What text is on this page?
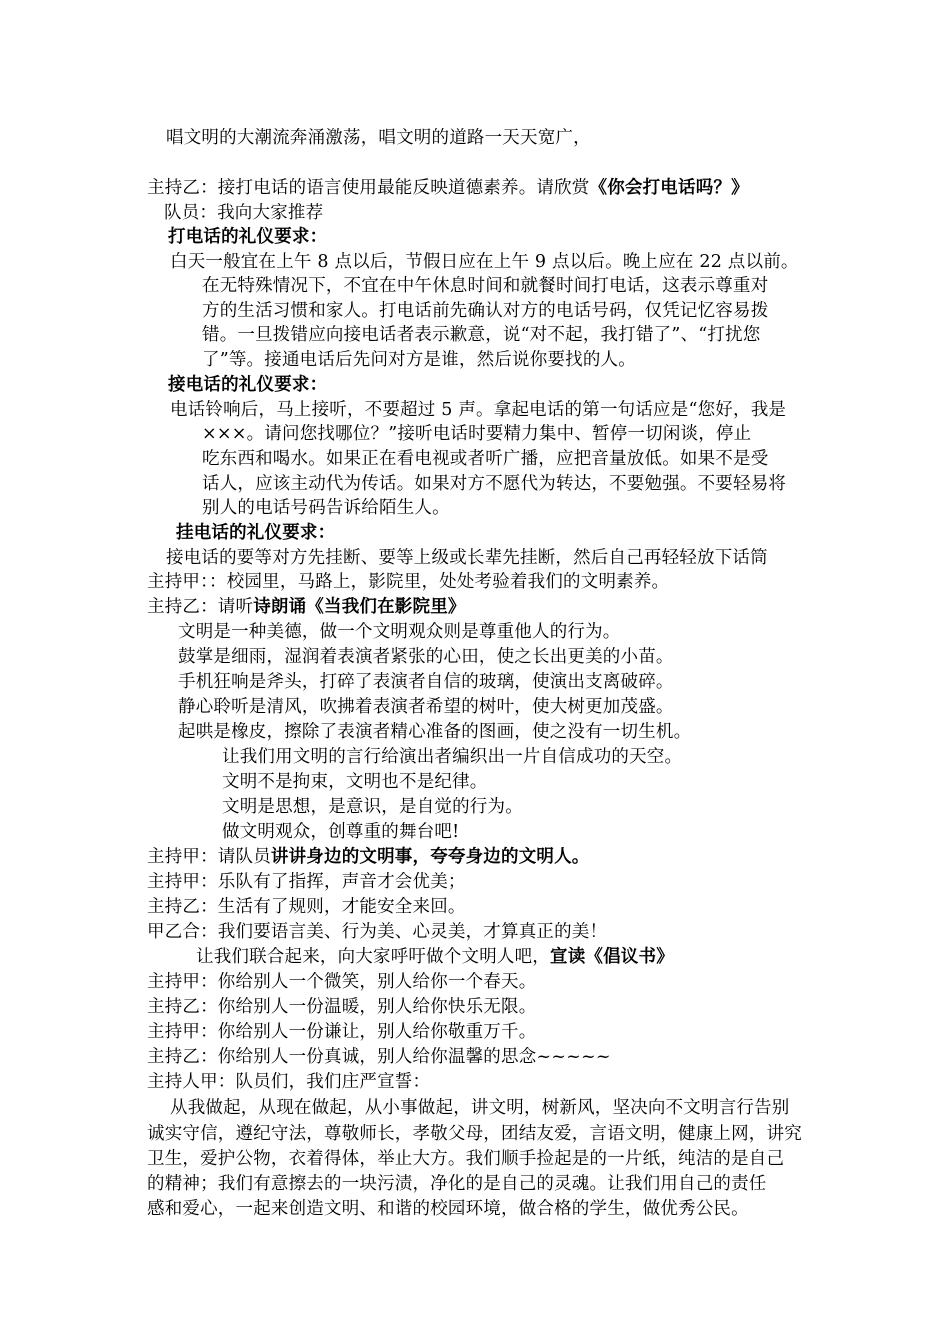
唱文明的大潮流奔涌激荡，唱文明的道路一天天宽广，
主持乙：接打电话的语言使用最能反映道德素养。请欣赏《你会打电话吗？》
队员：我向大家推荐
打电话的礼仪要求：
白天一般宜在上午 8 点以后，节假日应在上午 9 点以后。晚上应在 22 点以前。
在无特殊情况下，不宜在中午休息时间和就餐时间打电话，这表示尊重对
方的生活习惯和家人。打电话前先确认对方的电话号码，仅凭记忆容易拨
错。一旦拨错应向接电话者表示歉意，说“对不起，我打错了”、“打扰您
了”等。接通电话后先问对方是谁，然后说你要找的人。
接电话的礼仪要求：
电话铃响后，马上接听，不要超过 5 声。拿起电话的第一句话应是“您好，我是
×××。请问您找哪位？”接听电话时要精力集中、暂停一切闲谈，停止
吃东西和喝水。如果正在看电视或者听广播，应把音量放低。如果不是受
话人，应该主动代为传话。如果对方不愿代为转达，不要勉强。不要轻易将
别人的电话号码告诉给陌生人。
挂电话的礼仪要求：
接电话的要等对方先挂断、要等上级或长辈先挂断，然后自己再轻轻放下话筒
主持甲：：校园里，马路上，影院里，处处考验着我们的文明素养。
主持乙：请听诗朗诵《当我们在影院里》
文明是一种美德，做一个文明观众则是尊重他人的行为。
鼓掌是细雨，湿润着表演者紧张的心田，使之长出更美的小苗。
手机狂响是斧头，打碎了表演者自信的玻璃，使演出支离破碎。
静心聆听是清风，吹拂着表演者希望的树叶，使大树更加茂盛。
起哄是橡皮，擦除了表演者精心准备的图画，使之没有一切生机。
让我们用文明的言行给演出者编织出一片自信成功的天空。
文明不是拘束，文明也不是纪律。
文明是思想，是意识，是自觉的行为。
做文明观众，创尊重的舞台吧!
主持甲：请队员讲讲身边的文明事，夸夸身边的文明人。
主持甲：乐队有了指挥，声音才会优美；
主持乙：生活有了规则，才能安全来回。
甲乙合：我们要语言美、行为美、心灵美，才算真正的美！
让我们联合起来，向大家呼吁做个文明人吧，宣读《倡议书》
主持甲：你给别人一个微笑，别人给你一个春天。
主持乙：你给别人一份温暖，别人给你快乐无限。
主持甲：你给别人一份谦让，别人给你敬重万千。
主持乙：你给别人一份真诚，别人给你温馨的思念~~~~~
主持人甲：队员们，我们庄严宣誓：
从我做起，从现在做起，从小事做起，讲文明，树新风，坚决向不文明言行告别
诚实守信，遵纪守法，尊敬师长，孝敬父母，团结友爱，言语文明，健康上网，讲究
卫生，爱护公物，衣着得体，举止大方。我们顺手捡起是的一片纸，纯洁的是自己
的精神；我们有意擦去的一块污渍，净化的是自己的灵魂。让我们用自己的责任
感和爱心，一起来创造文明、和谐的校园环境，做合格的学生，做优秀公民。
